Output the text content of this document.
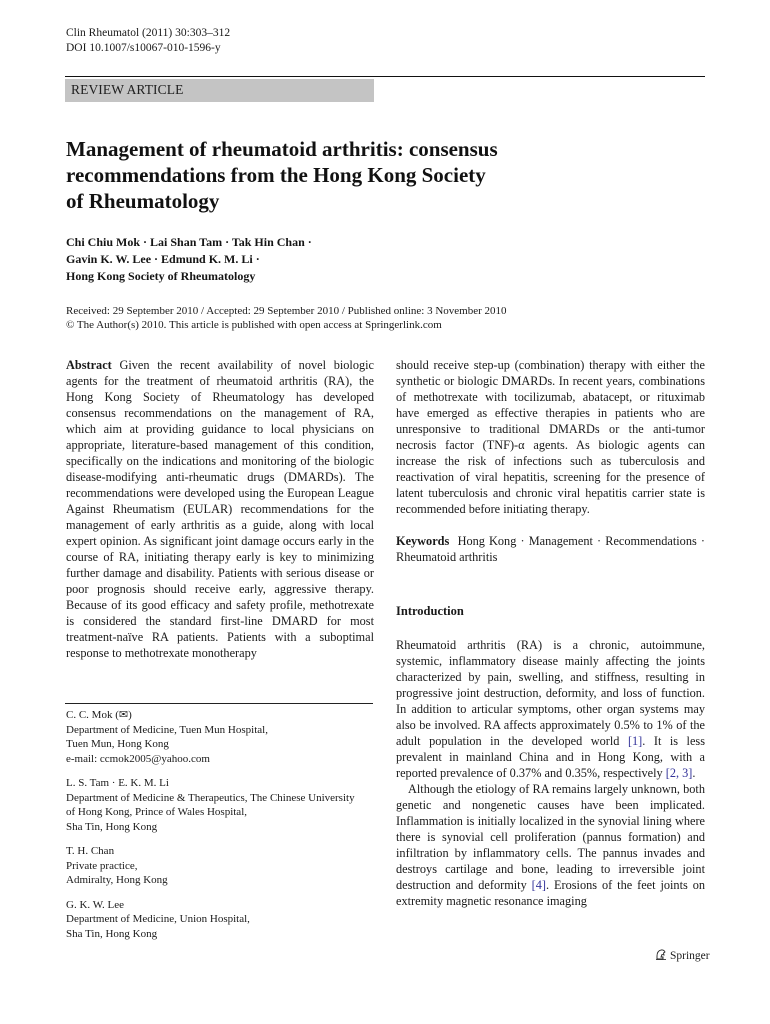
Clin Rheumatol (2011) 30:303–312
DOI 10.1007/s10067-010-1596-y
REVIEW ARTICLE
Management of rheumatoid arthritis: consensus
recommendations from the Hong Kong Society
of Rheumatology
Chi Chiu Mok · Lai Shan Tam · Tak Hin Chan ·
Gavin K. W. Lee · Edmund K. M. Li ·
Hong Kong Society of Rheumatology
Received: 29 September 2010 / Accepted: 29 September 2010 / Published online: 3 November 2010
© The Author(s) 2010. This article is published with open access at Springerlink.com

Abstract Given the recent availability of novel biologic agents for the treatment of rheumatoid arthritis (RA), the Hong Kong Society of Rheumatology has developed consensus recommendations on the management of RA, which aim at providing guidance to local physicians on appropriate, literature-based management of this condition, specifically on the indications and monitoring of the biologic disease-modifying anti-rheumatic drugs (DMARDs). The recommendations were developed using the European League Against Rheumatism (EULAR) recommendations for the management of early arthritis as a guide, along with local expert opinion. As significant joint damage occurs early in the course of RA, initiating therapy early is key to minimizing further damage and disability. Patients with serious disease or poor prognosis should receive early, aggressive therapy. Because of its good efficacy and safety profile, methotrexate is considered the standard first-line DMARD for most treatment-naïve RA patients. Patients with a suboptimal response to methotrexate monotherapy

C. C. Mok (✉)
Department of Medicine, Tuen Mun Hospital,
Tuen Mun, Hong Kong
e-mail: ccmok2005@yahoo.com
L. S. Tam · E. K. M. Li
Department of Medicine & Therapeutics, The Chinese University
of Hong Kong, Prince of Wales Hospital,
Sha Tin, Hong Kong
T. H. Chan
Private practice,
Admiralty, Hong Kong
G. K. W. Lee
Department of Medicine, Union Hospital,
Sha Tin, Hong Kong

should receive step-up (combination) therapy with either the synthetic or biologic DMARDs. In recent years, combinations of methotrexate with tocilizumab, abatacept, or rituximab have emerged as effective therapies in patients who are unresponsive to traditional DMARDs or the anti-tumor necrosis factor (TNF)-α agents. As biologic agents can increase the risk of infections such as tuberculosis and reactivation of viral hepatitis, screening for the presence of latent tuberculosis and chronic viral hepatitis carrier state is recommended before initiating therapy.

Keywords Hong Kong · Management · Recommendations · Rheumatoid arthritis

Introduction

Rheumatoid arthritis (RA) is a chronic, autoimmune, systemic, inflammatory disease mainly affecting the joints characterized by pain, swelling, and stiffness, resulting in progressive joint destruction, deformity, and loss of function. In addition to articular symptoms, other organ systems may also be involved. RA affects approximately 0.5% to 1% of the adult population in the developed world [1]. It is less prevalent in mainland China and in Hong Kong, with a reported prevalence of 0.37% and 0.35%, respectively [2, 3].

Although the etiology of RA remains largely unknown, both genetic and nongenetic causes have been implicated. Inflammation is initially localized in the synovial lining where there is synovial cell proliferation (pannus formation) and infiltration by inflammatory cells. The pannus invades and destroys cartilage and bone, leading to irreversible joint destruction and deformity [4]. Erosions of the feet joints on extremity magnetic resonance imaging

Springer
